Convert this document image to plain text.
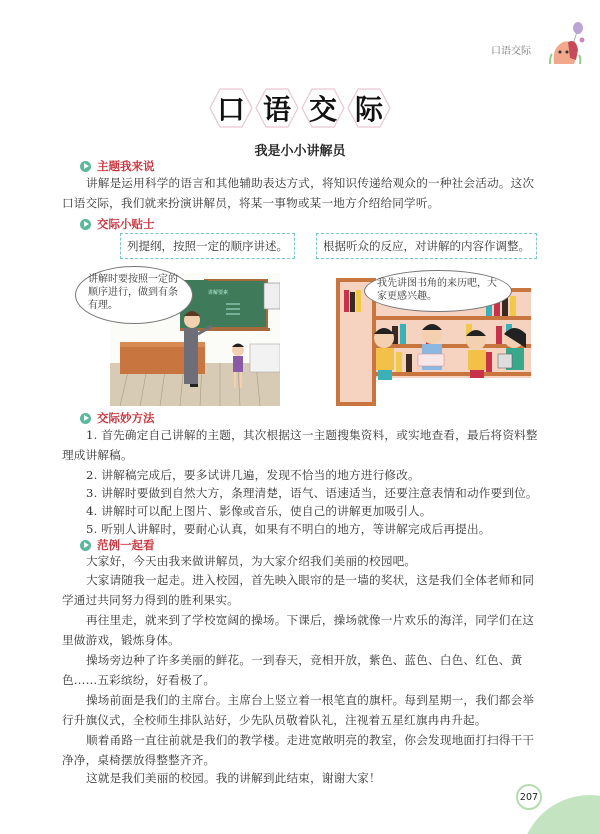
口语交际
口 语 交 际
我是小小讲解员
主题我来说
讲解是运用科学的语言和其他辅助表达方式，将知识传递给观众的一种社会活动。这次口语交际，我们就来扮演讲解员，将某一事物或某一地方介绍给同学听。
交际小贴士
列提纲，按照一定的顺序讲述。	根据听众的反应，对讲解的内容作调整。
讲解要素
讲解时要按照一定的顺序进行，做到有条有理。
我先讲图书角的来历吧，大家更感兴趣。
交际妙方法
1. 首先确定自己讲解的主题，其次根据这一主题搜集资料，或实地查看，最后将资料整理成讲解稿。
2. 讲解稿完成后，要多试讲几遍，发现不恰当的地方进行修改。
3. 讲解时要做到自然大方，条理清楚，语气、语速适当，还要注意表情和动作要到位。
4. 讲解时可以配上图片、影像或音乐，使自己的讲解更加吸引人。
5. 听别人讲解时，要耐心认真，如果有不明白的地方，等讲解完成后再提出。
范例一起看
大家好，今天由我来做讲解员，为大家介绍我们美丽的校园吧。
大家请随我一起走。进入校园，首先映入眼帘的是一墙的奖状，这是我们全体老师和同学通过共同努力得到的胜利果实。
再往里走，就来到了学校宽阔的操场。下课后，操场就像一片欢乐的海洋，同学们在这里做游戏，锻炼身体。
操场旁边种了许多美丽的鲜花。一到春天，竞相开放，紫色、蓝色、白色、红色、黄色……五彩缤纷，好看极了。
操场前面是我们的主席台。主席台上竖立着一根笔直的旗杆。每到星期一，我们都会举行升旗仪式，全校师生排队站好，少先队员敬着队礼，注视着五星红旗冉冉升起。
顺着甬路一直往前就是我们的教学楼。走进宽敞明亮的教室，你会发现地面打扫得干干净净，桌椅摆放得整整齐齐。
这就是我们美丽的校园。我的讲解到此结束，谢谢大家！
207
